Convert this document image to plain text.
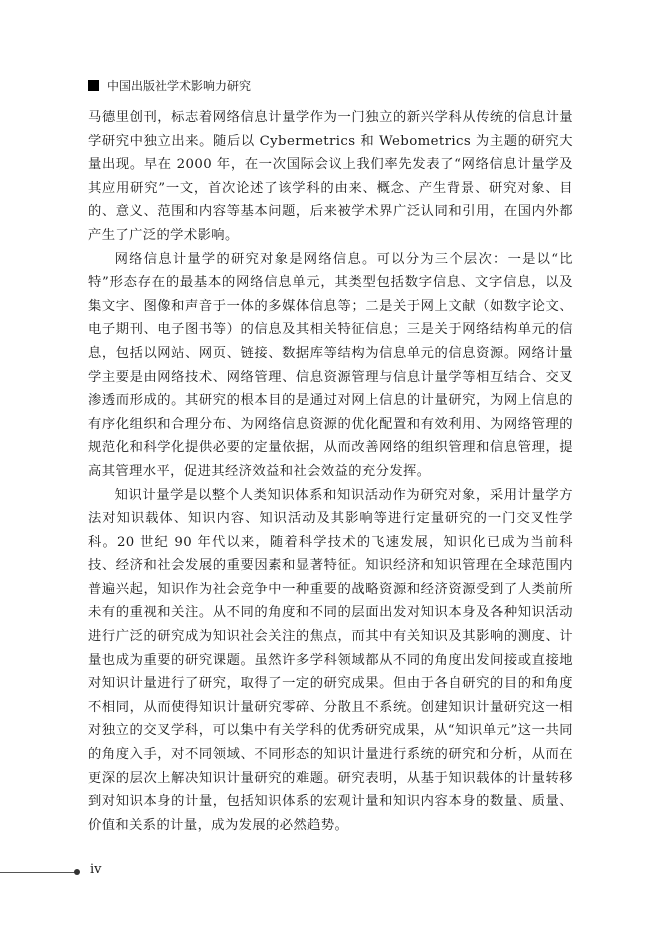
中国出版社学术影响力研究

马德里创刊，标志着网络信息计量学作为一门独立的新兴学科从传统的信息计量学研究中独立出来。随后以 Cybermetrics 和 Webometrics 为主题的研究大量出现。早在 2000 年，在一次国际会议上我们率先发表了“网络信息计量学及其应用研究”一文，首次论述了该学科的由来、概念、产生背景、研究对象、目的、意义、范围和内容等基本问题，后来被学术界广泛认同和引用，在国内外都产生了广泛的学术影响。

网络信息计量学的研究对象是网络信息。可以分为三个层次：一是以“比特”形态存在的最基本的网络信息单元，其类型包括数字信息、文字信息，以及集文字、图像和声音于一体的多媒体信息等；二是关于网上文献（如数字论文、电子期刊、电子图书等）的信息及其相关特征信息；三是关于网络结构单元的信息，包括以网站、网页、链接、数据库等结构为信息单元的信息资源。网络计量学主要是由网络技术、网络管理、信息资源管理与信息计量学等相互结合、交叉渗透而形成的。其研究的根本目的是通过对网上信息的计量研究，为网上信息的有序化组织和合理分布、为网络信息资源的优化配置和有效利用、为网络管理的规范化和科学化提供必要的定量依据，从而改善网络的组织管理和信息管理，提高其管理水平，促进其经济效益和社会效益的充分发挥。

知识计量学是以整个人类知识体系和知识活动作为研究对象，采用计量学方法对知识载体、知识内容、知识活动及其影响等进行定量研究的一门交叉性学科。20 世纪 90 年代以来，随着科学技术的飞速发展，知识化已成为当前科技、经济和社会发展的重要因素和显著特征。知识经济和知识管理在全球范围内普遍兴起，知识作为社会竞争中一种重要的战略资源和经济资源受到了人类前所未有的重视和关注。从不同的角度和不同的层面出发对知识本身及各种知识活动进行广泛的研究成为知识社会关注的焦点，而其中有关知识及其影响的测度、计量也成为重要的研究课题。虽然许多学科领域都从不同的角度出发间接或直接地对知识计量进行了研究，取得了一定的研究成果。但由于各自研究的目的和角度不相同，从而使得知识计量研究零碎、分散且不系统。创建知识计量研究这一相对独立的交叉学科，可以集中有关学科的优秀研究成果，从“知识单元”这一共同的角度入手，对不同领域、不同形态的知识计量进行系统的研究和分析，从而在更深的层次上解决知识计量研究的难题。研究表明，从基于知识载体的计量转移到对知识本身的计量，包括知识体系的宏观计量和知识内容本身的数量、质量、价值和关系的计量，成为发展的必然趋势。

iv
